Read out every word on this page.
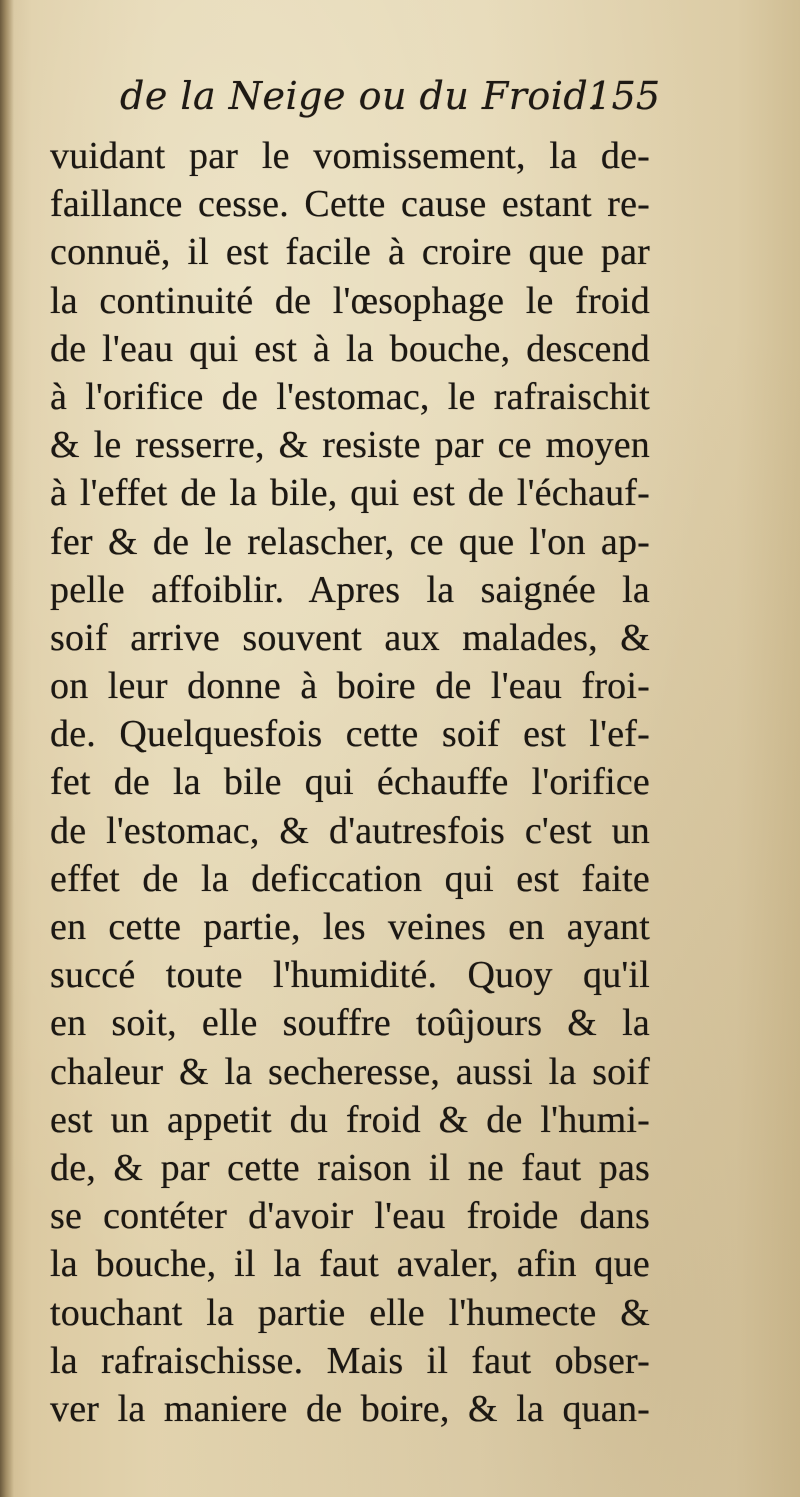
de la Neige ou du Froid.
155
vuidant par le vomissement, la de-
faillance cesse. Cette cause estant re-
connuë, il est facile à croire que par
la continuité de l'œsophage le froid
de l'eau qui est à la bouche, descend
à l'orifice de l'estomac, le rafraischit
& le resserre, & resiste par ce moyen
à l'effet de la bile, qui est de l'échauf-
fer & de le relascher, ce que l'on ap-
pelle affoiblir. Apres la saignée la
soif arrive souvent aux malades, &
on leur donne à boire de l'eau froi-
de. Quelquesfois cette soif est l'ef-
fet de la bile qui échauffe l'orifice
de l'estomac, & d'autresfois c'est un
effet de la deficcation qui est faite
en cette partie, les veines en ayant
succé toute l'humidité. Quoy qu'il
en soit, elle souffre toûjours & la
chaleur & la secheresse, aussi la soif
est un appetit du froid & de l'humi-
de, & par cette raison il ne faut pas
se contéter d'avoir l'eau froide dans
la bouche, il la faut avaler, afin que
touchant la partie elle l'humecte &
la rafraischisse. Mais il faut obser-
ver la maniere de boire, & la quan-
